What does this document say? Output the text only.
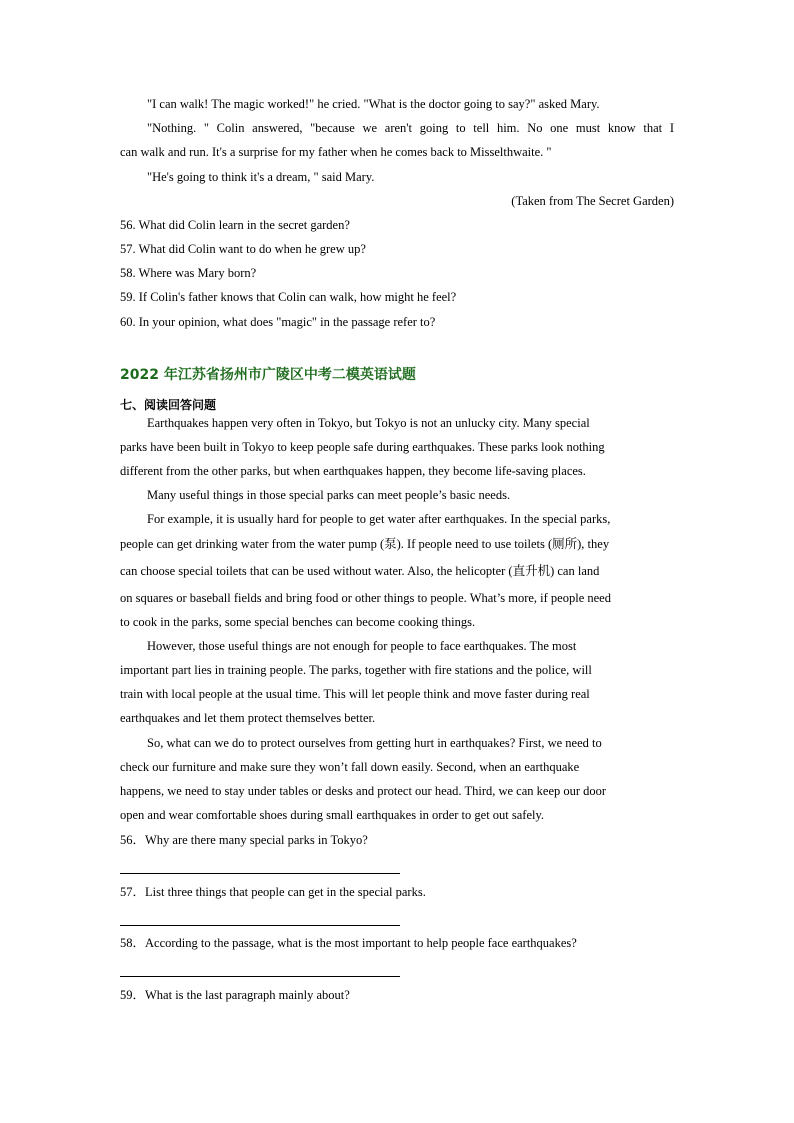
"I can walk! The magic worked!" he cried. "What is the doctor going to say?" asked Mary.
"Nothing. " Colin answered, "because we aren't going to tell him. No one must know that I
can walk and run. It's a surprise for my father when he comes back to Misselthwaite. "
"He's going to think it's a dream, " said Mary.
(Taken from The Secret Garden)
56. What did Colin learn in the secret garden?
57. What did Colin want to do when he grew up?
58. Where was Mary born?
59. If Colin's father knows that Colin can walk, how might he feel?
60. In your opinion, what does "magic" in the passage refer to?
2022 年江苏省扬州市广陵区中考二模英语试题
七、阅读回答问题
Earthquakes happen very often in Tokyo, but Tokyo is not an unlucky city. Many special
parks have been built in Tokyo to keep people safe during earthquakes. These parks look nothing
different from the other parks, but when earthquakes happen, they become life-saving places.
Many useful things in those special parks can meet people’s basic needs.
For example, it is usually hard for people to get water after earthquakes. In the special parks,
people can get drinking water from the water pump (泵). If people need to use toilets (厕所), they
can choose special toilets that can be used without water. Also, the helicopter (直升机) can land
on squares or baseball fields and bring food or other things to people. What’s more, if people need
to cook in the parks, some special benches can become cooking things.
However, those useful things are not enough for people to face earthquakes. The most
important part lies in training people. The parks, together with fire stations and the police, will
train with local people at the usual time. This will let people think and move faster during real
earthquakes and let them protect themselves better.
So, what can we do to protect ourselves from getting hurt in earthquakes? First, we need to
check our furniture and make sure they won’t fall down easily. Second, when an earthquake
happens, we need to stay under tables or desks and protect our head. Third, we can keep our door
open and wear comfortable shoes during small earthquakes in order to get out safely.
56．Why are there many special parks in Tokyo?
57．List three things that people can get in the special parks.
58．According to the passage, what is the most important to help people face earthquakes?
59．What is the last paragraph mainly about?
